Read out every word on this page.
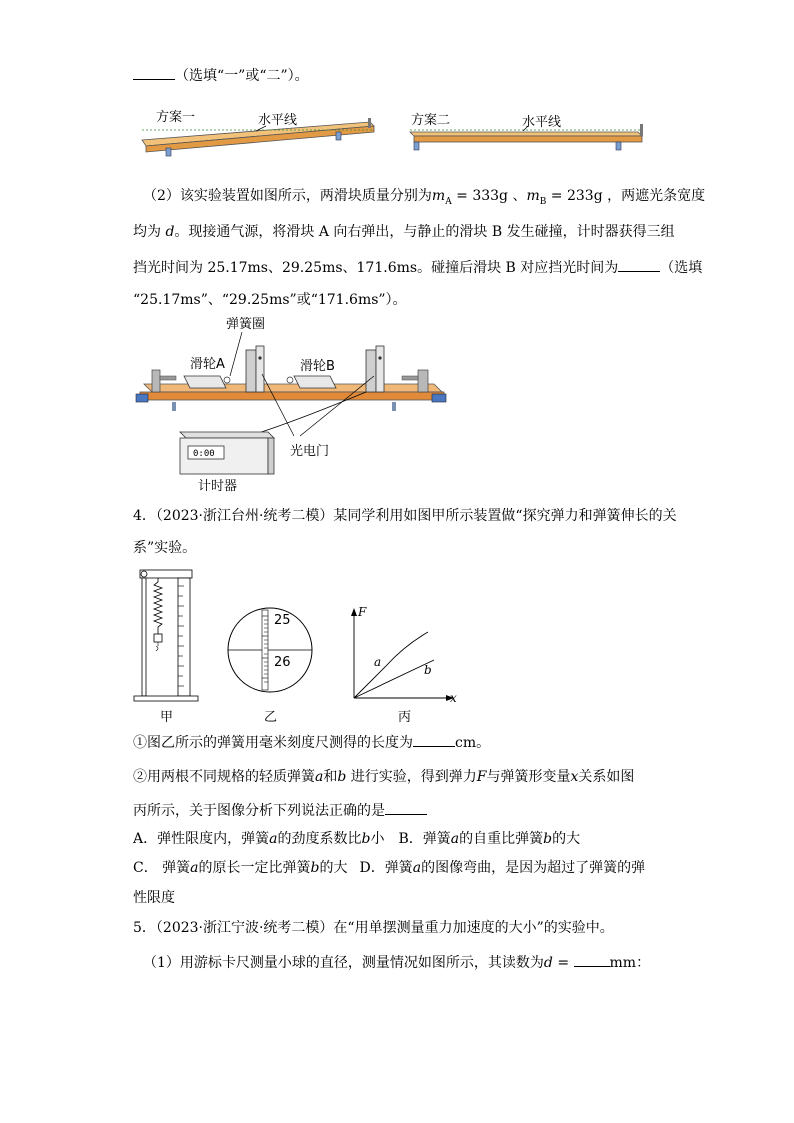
（选填“一”或“二”）。
方案一	水平线	方案二	水平线
（2）该实验装置如图所示，两滑块质量分别为$m_A = 333g$ 、$m_B = 233g$ ，两遮光条宽度
均为 d。现接通气源，将滑块 A 向右弹出，与静止的滑块 B 发生碰撞，计时器获得三组
挡光时间为 25.17ms、29.25ms、171.6ms。碰撞后滑块 B 对应挡光时间为	（选填
“25.17ms”、“29.25ms”或“171.6ms”）。
0:00
弹簧圈
滑轮A	滑轮B
光电门
计时器
4．（2023·浙江台州·统考二模）某同学利用如图甲所示装置做“探究弹力和弹簧伸长的关
系”实验。
甲
25
26
乙
F
x
a
b
丙
①图乙所示的弹簧用毫米刻度尺测得的长度为	cm。
②用两根不同规格的轻质弹簧a和b 进行实验，得到弹力F与弹簧形变量x关系如图
丙所示，关于图像分析下列说法正确的是
A．弹性限度内，弹簧a的劲度系数比b小 B．弹簧a的自重比弹簧b的大
C． 弹簧a的原长一定比弹簧b的大 D．弹簧a的图像弯曲，是因为超过了弹簧的弹
性限度
5．（2023·浙江宁波·统考二模）在“用单摆测量重力加速度的大小”的实验中。
（1）用游标卡尺测量小球的直径，测量情况如图所示，其读数为d =	mm：
